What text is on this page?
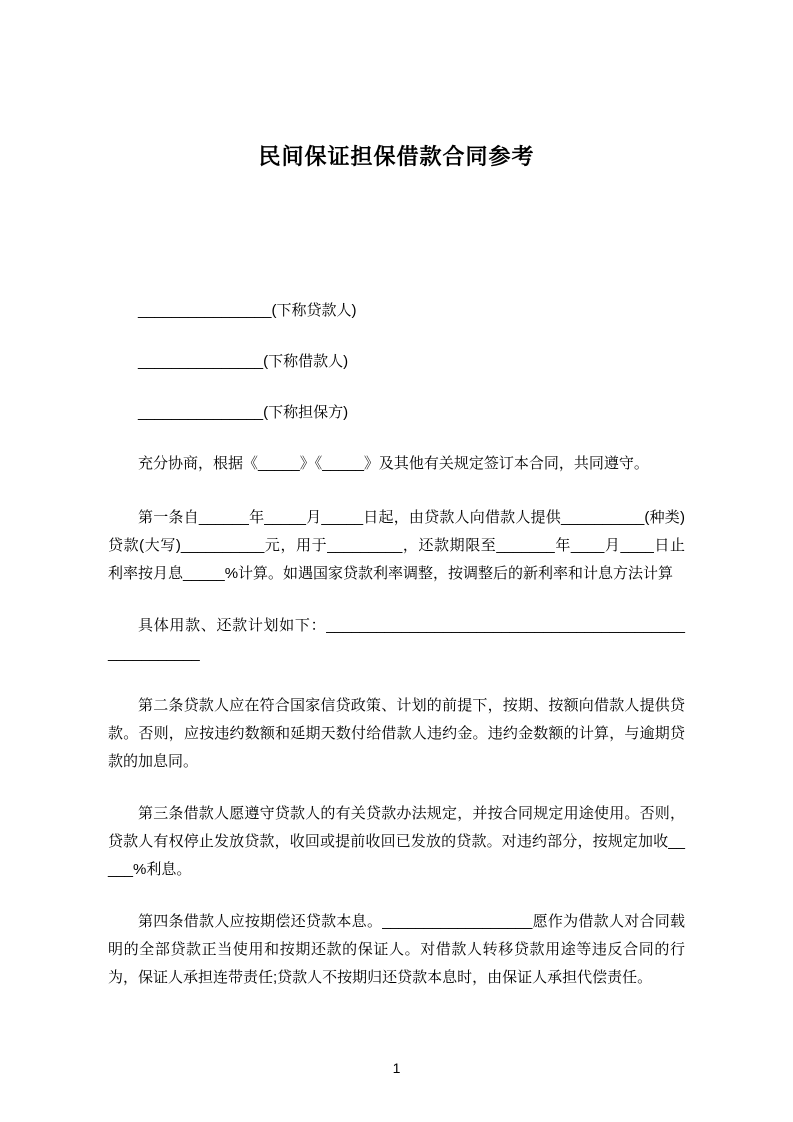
民间保证担保借款合同参考

________________(下称贷款人)

_______________(下称借款人)

_______________(下称担保方)

充分协商，根据《_____》《_____》及其他有关规定签订本合同，共同遵守。

第一条自______年_____月_____日起，由贷款人向借款人提供__________(种类)贷款(大写)__________元，用于_________，还款期限至_______年____月____日止利率按月息_____%计算。如遇国家贷款利率调整，按调整后的新利率和计息方法计算

具体用款、还款计划如下：______________________________________________________

第二条贷款人应在符合国家信贷政策、计划的前提下，按期、按额向借款人提供贷款。否则，应按违约数额和延期天数付给借款人违约金。违约金数额的计算，与逾期贷款的加息同。

第三条借款人愿遵守贷款人的有关贷款办法规定，并按合同规定用途使用。否则，贷款人有权停止发放贷款，收回或提前收回已发放的贷款。对违约部分，按规定加收_____%利息。

第四条借款人应按期偿还贷款本息。__________________愿作为借款人对合同载明的全部贷款正当使用和按期还款的保证人。对借款人转移贷款用途等违反合同的行为，保证人承担连带责任;贷款人不按期归还贷款本息时，由保证人承担代偿责任。

1
